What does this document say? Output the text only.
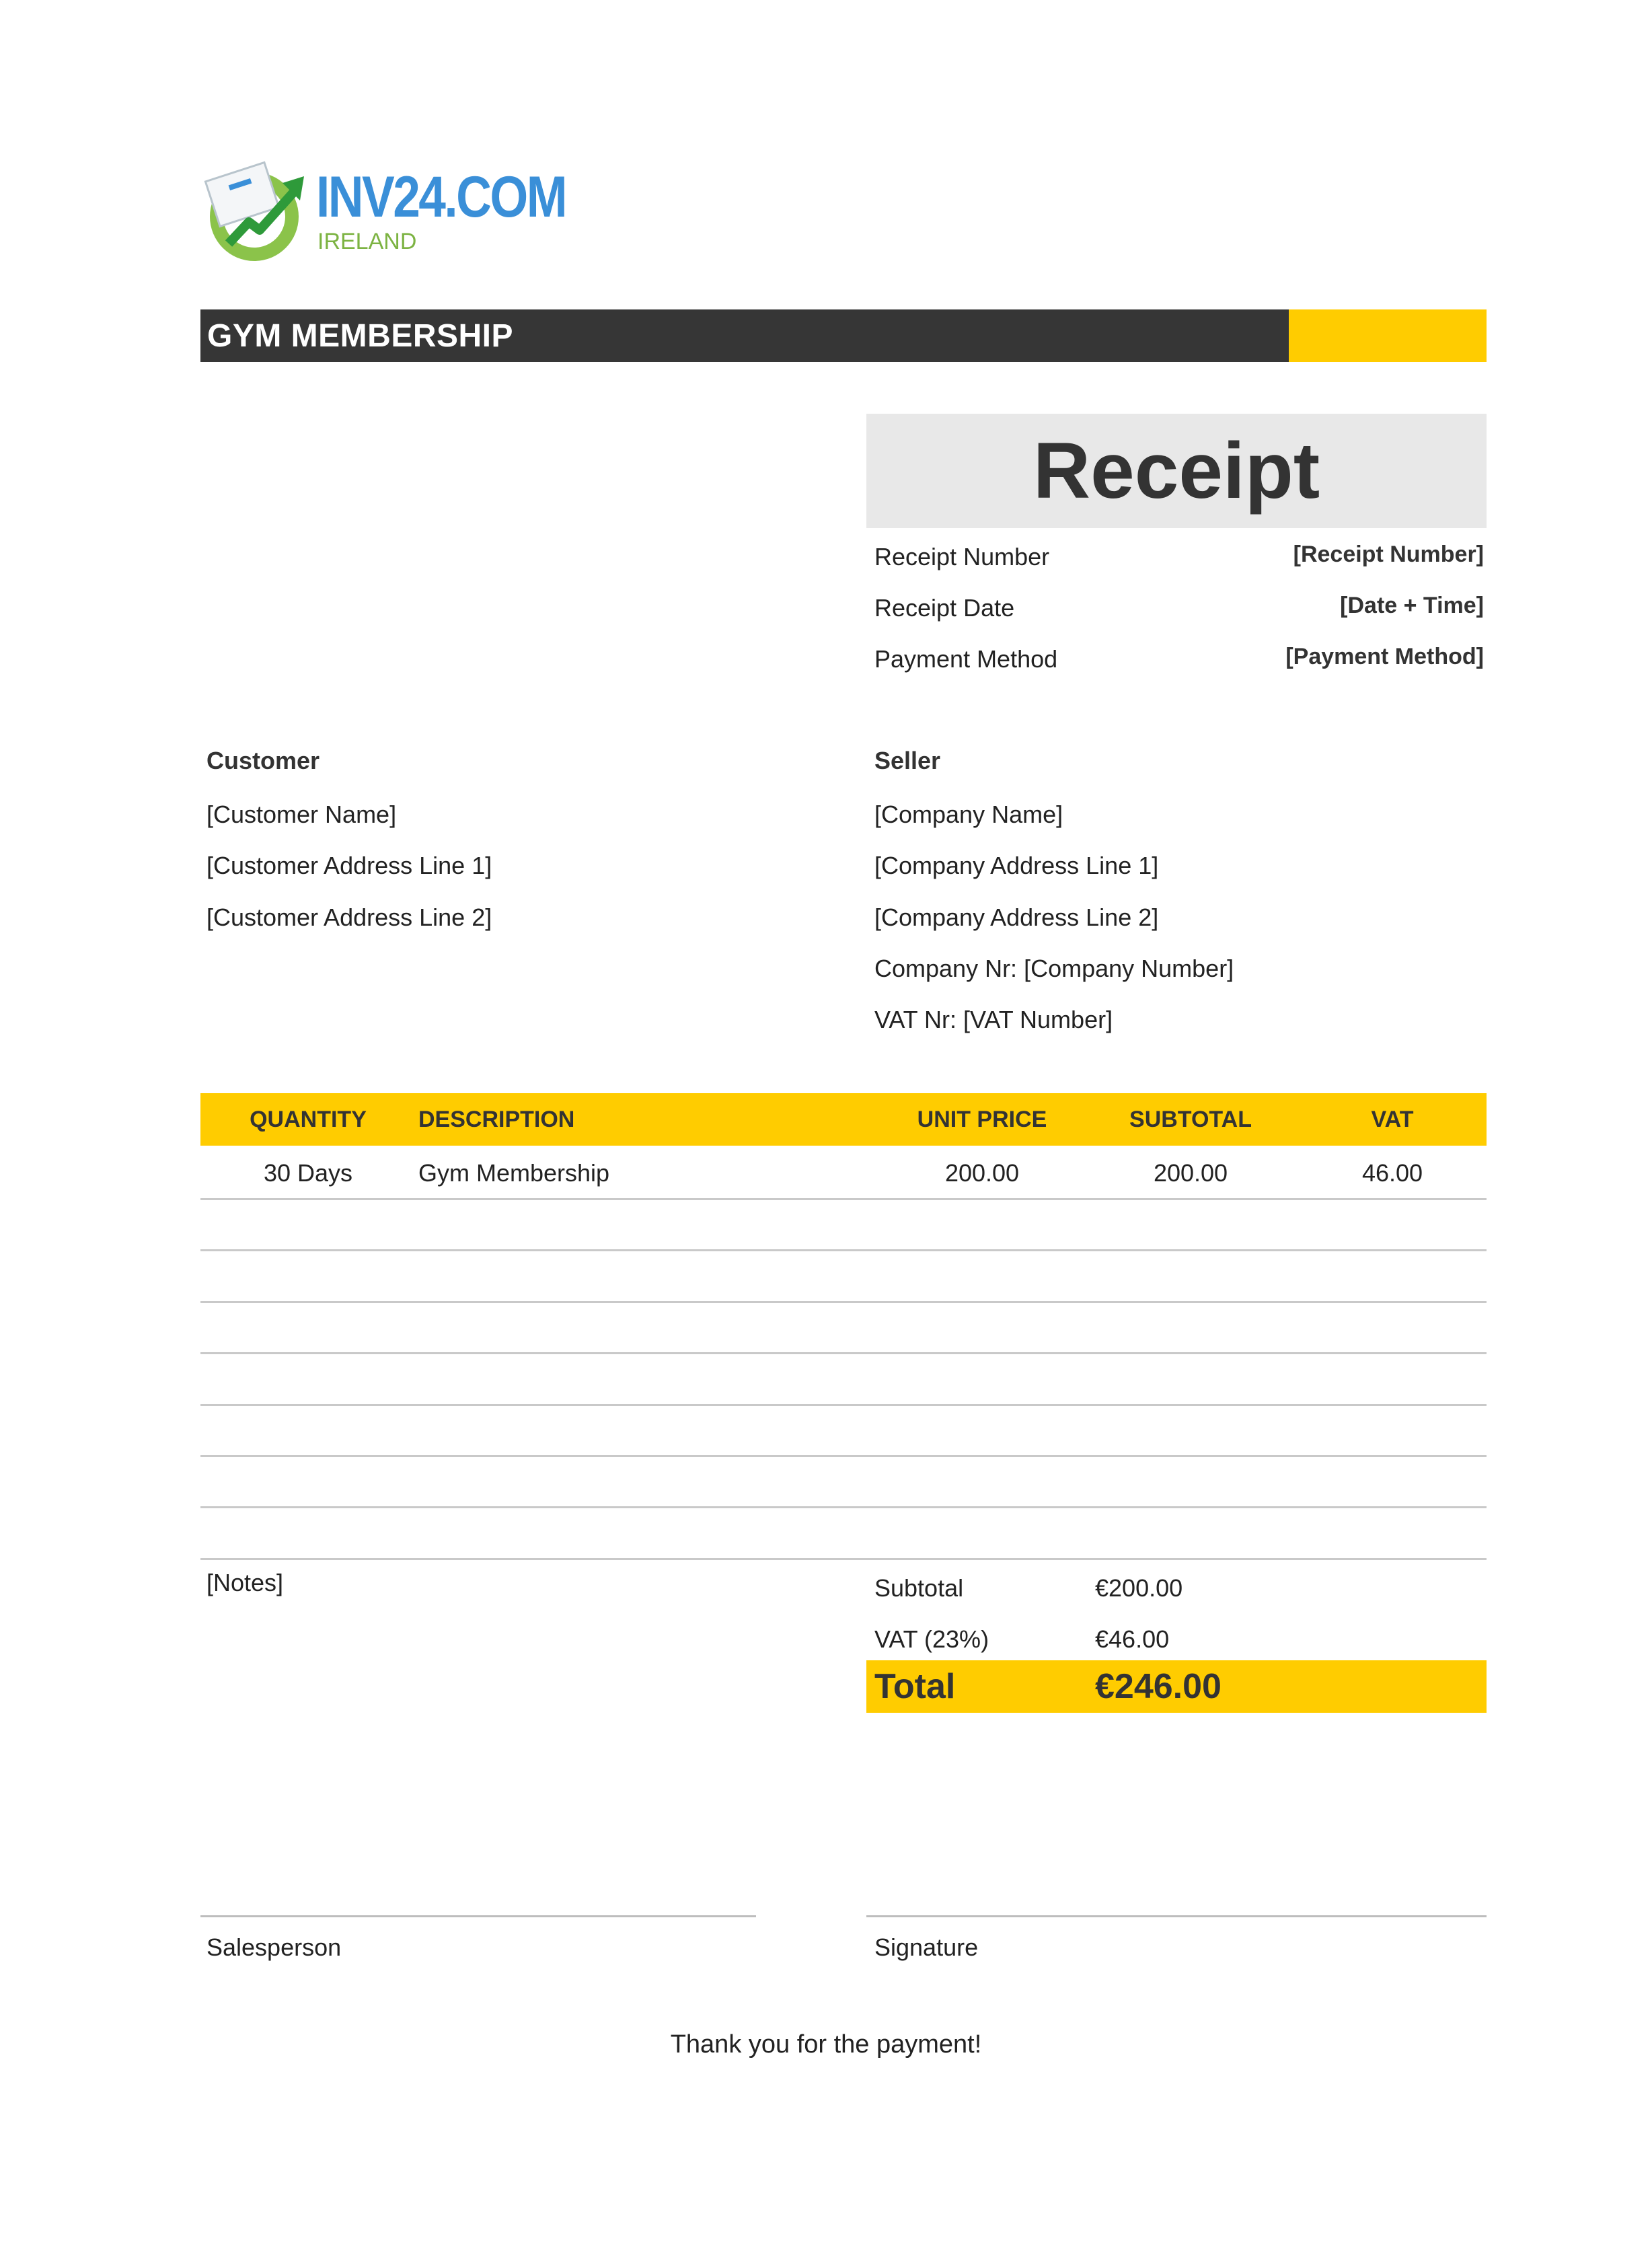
INV24.COM
IRELAND
GYM MEMBERSHIP
Receipt
Receipt Number	[Receipt Number]
Receipt Date	[Date + Time]
Payment Method	[Payment Method]
Customer
[Customer Name]
[Customer Address Line 1]
[Customer Address Line 2]
Seller
[Company Name]
[Company Address Line 1]
[Company Address Line 2]
Company Nr: [Company Number]
VAT Nr: [VAT Number]
QUANTITY	DESCRIPTION	UNIT PRICE	SUBTOTAL	VAT
30 Days	Gym Membership	200.00	200.00	46.00
[Notes]	Subtotal	€200.00
VAT (23%)	€46.00
Total	€246.00
Salesperson	Signature
Thank you for the payment!
